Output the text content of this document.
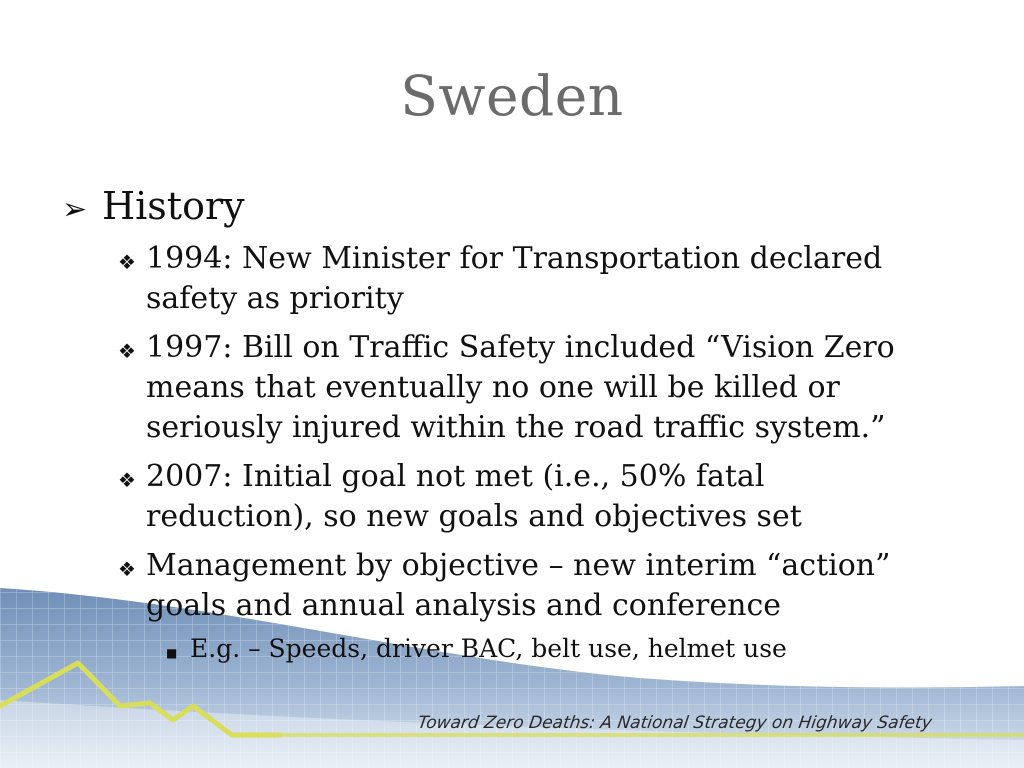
Sweden
➢ History
❖ 1994: New Minister for Transportation declared safety as priority
❖ 1997: Bill on Traffic Safety included “Vision Zero means that eventually no one will be killed or seriously injured within the road traffic system.”
❖ 2007: Initial goal not met (i.e., 50% fatal reduction), so new goals and objectives set
❖ Management by objective – new interim “action” goals and annual analysis and conference
■ E.g. – Speeds, driver BAC, belt use, helmet use
Toward Zero Deaths: A National Strategy on Highway Safety
